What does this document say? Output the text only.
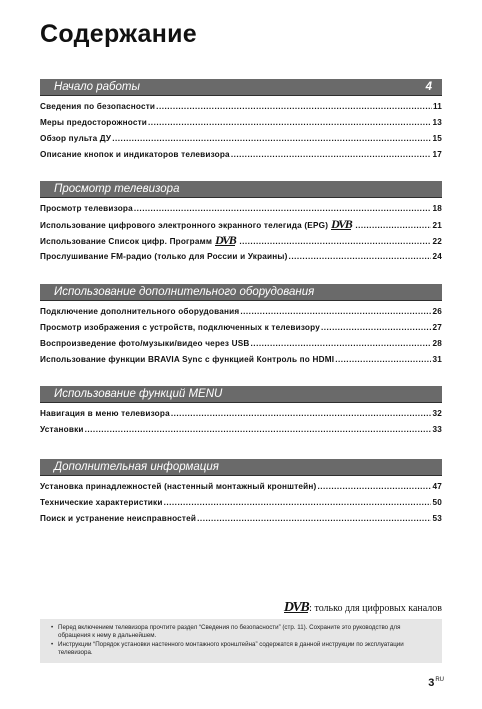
Содержание
Начало работы	4
Сведения по безопасности .....	11
Меры предосторожности .....	13
Обзор пульта ДУ .....	15
Описание кнопок и индикаторов телевизора .....	17
Просмотр телевизора
Просмотр телевизора .....	18
Использование цифрового электронного экранного телегида (EPG) DVB .....	21
Использование Список цифр. Программ DVB .....	22
Прослушивание FM-радио (только для России и Украины) .....	24
Использование дополнительного оборудования
Подключение дополнительного оборудования .....	26
Просмотр изображения с устройств, подключенных к телевизору .....	27
Воспроизведение фото/музыки/видео через USB .....	28
Использование функции BRAVIA Sync с функцией Контроль по HDMI .....	31
Использование функций MENU
Навигация в меню телевизора .....	32
Установки .....	33
Дополнительная информация
Установка принадлежностей (настенный монтажный кронштейн) .....	47
Технические характеристики .....	50
Поиск и устранение неисправностей .....	53
DVB : только для цифровых каналов
• Перед включением телевизора прочтите раздел “Сведения по безопасности” (стр. 11). Сохраните это руководство для обращения к нему в дальнейшем.
• Инструкции “Порядок установки настенного монтажного кронштейна” содержатся в данной инструкции по эксплуатации телевизора.
$3^{RU}$
